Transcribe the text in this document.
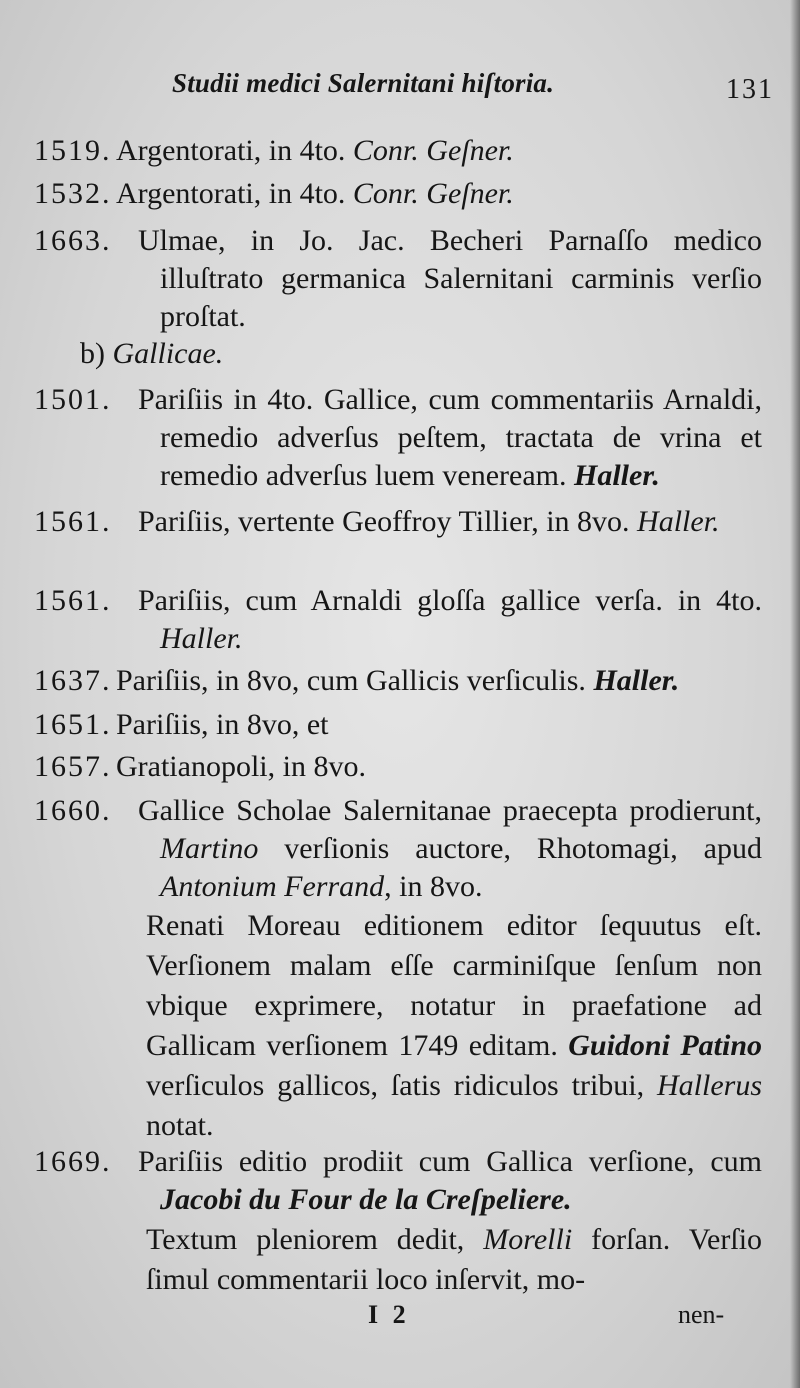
Studii medici Salernitani hiſtoria.	131
1519. Argentorati, in 4to. Conr. Geſner.
1532. Argentorati, in 4to. Conr. Geſner.
1663. Ulmae, in Jo. Jac. Becheri Parnaſſo medico illuſtrato germanica Salernitani carminis verſio proſtat.
b) Gallicae.
1501. Pariſiis in 4to. Gallice, cum commentariis Arnaldi, remedio adverſus peſtem, tractata de vrina et remedio adverſus luem veneream. Haller.
1561. Pariſiis, vertente Geoffroy Tillier, in 8vo. Haller.
1561. Pariſiis, cum Arnaldi gloſſa gallice verſa. in 4to. Haller.
1637. Pariſiis, in 8vo, cum Gallicis verſiculis. Haller.
1651. Pariſiis, in 8vo, et
1657. Gratianopoli, in 8vo.
1660. Gallice Scholae Salernitanae praecepta prodierunt, Martino verſionis auctore, Rhotomagi, apud Antonium Ferrand, in 8vo.
Renati Moreau editionem editor ſequutus eſt. Verſionem malam eſſe carminiſque ſenſum non vbique exprimere, notatur in praefatione ad Gallicam verſionem 1749 editam. Guidoni Patino verſiculos gallicos, ſatis ridiculos tribui, Hallerus notat.
1669. Pariſiis editio prodiit cum Gallica verſione, cum Jacobi du Four de la Creſpeliere.
Textum pleniorem dedit, Morelli forſan. Verſio ſimul commentarii loco inſervit, mo-
I 2	nen-
